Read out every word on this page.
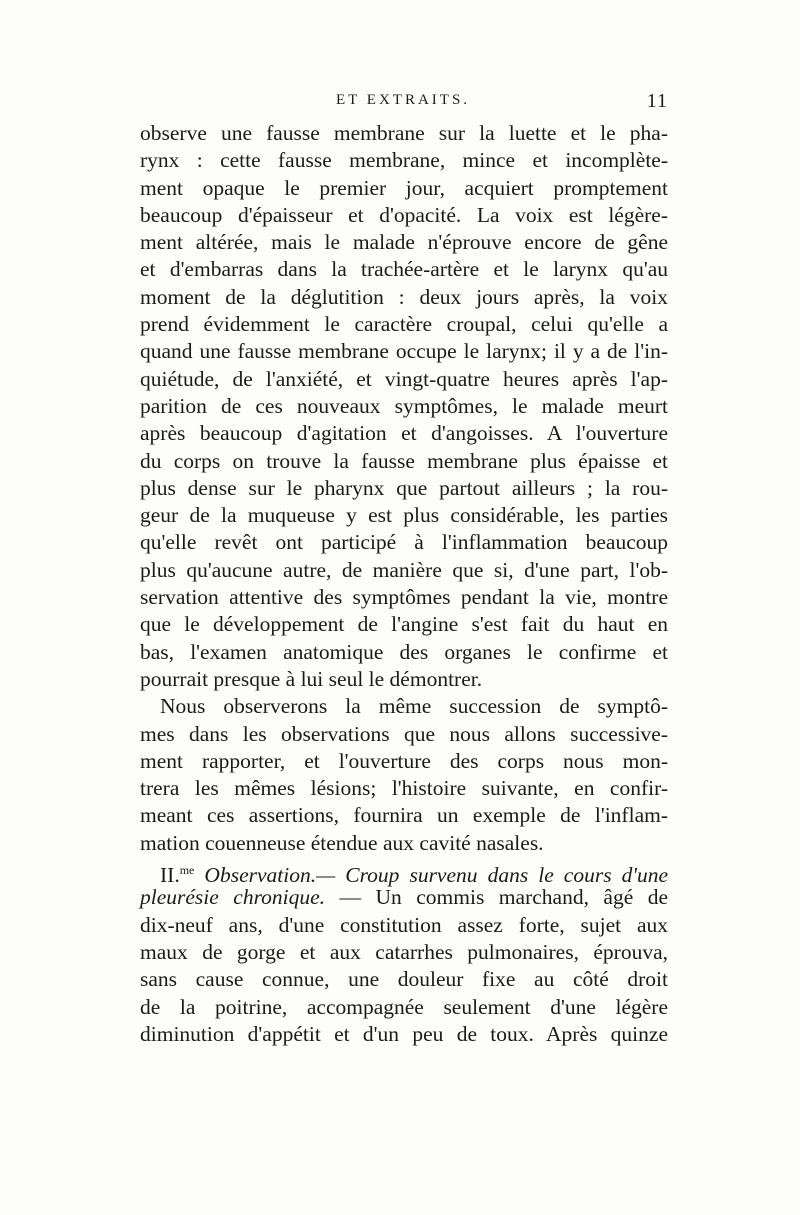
ET EXTRAITS.	11
observe une fausse membrane sur la luette et le pha-
rynx : cette fausse membrane, mince et incomplète-
ment opaque le premier jour, acquiert promptement
beaucoup d'épaisseur et d'opacité. La voix est légère-
ment altérée, mais le malade n'éprouve encore de gêne
et d'embarras dans la trachée-artère et le larynx qu'au
moment de la déglutition : deux jours après, la voix
prend évidemment le caractère croupal, celui qu'elle a
quand une fausse membrane occupe le larynx; il y a de l'in-
quiétude, de l'anxiété, et vingt-quatre heures après l'ap-
parition de ces nouveaux symptômes, le malade meurt
après beaucoup d'agitation et d'angoisses. A l'ouverture
du corps on trouve la fausse membrane plus épaisse et
plus dense sur le pharynx que partout ailleurs ; la rou-
geur de la muqueuse y est plus considérable, les parties
qu'elle revêt ont participé à l'inflammation beaucoup
plus qu'aucune autre, de manière que si, d'une part, l'ob-
servation attentive des symptômes pendant la vie, montre
que le développement de l'angine s'est fait du haut en
bas, l'examen anatomique des organes le confirme et
pourrait presque à lui seul le démontrer.
Nous observerons la même succession de symptô-
mes dans les observations que nous allons successive-
ment rapporter, et l'ouverture des corps nous mon-
trera les mêmes lésions; l'histoire suivante, en confir-
meant ces assertions, fournira un exemple de l'inflam-
mation couenneuse étendue aux cavité nasales.
II.$^{me}$ Observation.— Croup survenu dans le cours d'une
pleurésie chronique. — Un commis marchand, âgé de
dix-neuf ans, d'une constitution assez forte, sujet aux
maux de gorge et aux catarrhes pulmonaires, éprouva,
sans cause connue, une douleur fixe au côté droit
de la poitrine, accompagnée seulement d'une légère
diminution d'appétit et d'un peu de toux. Après quinze
